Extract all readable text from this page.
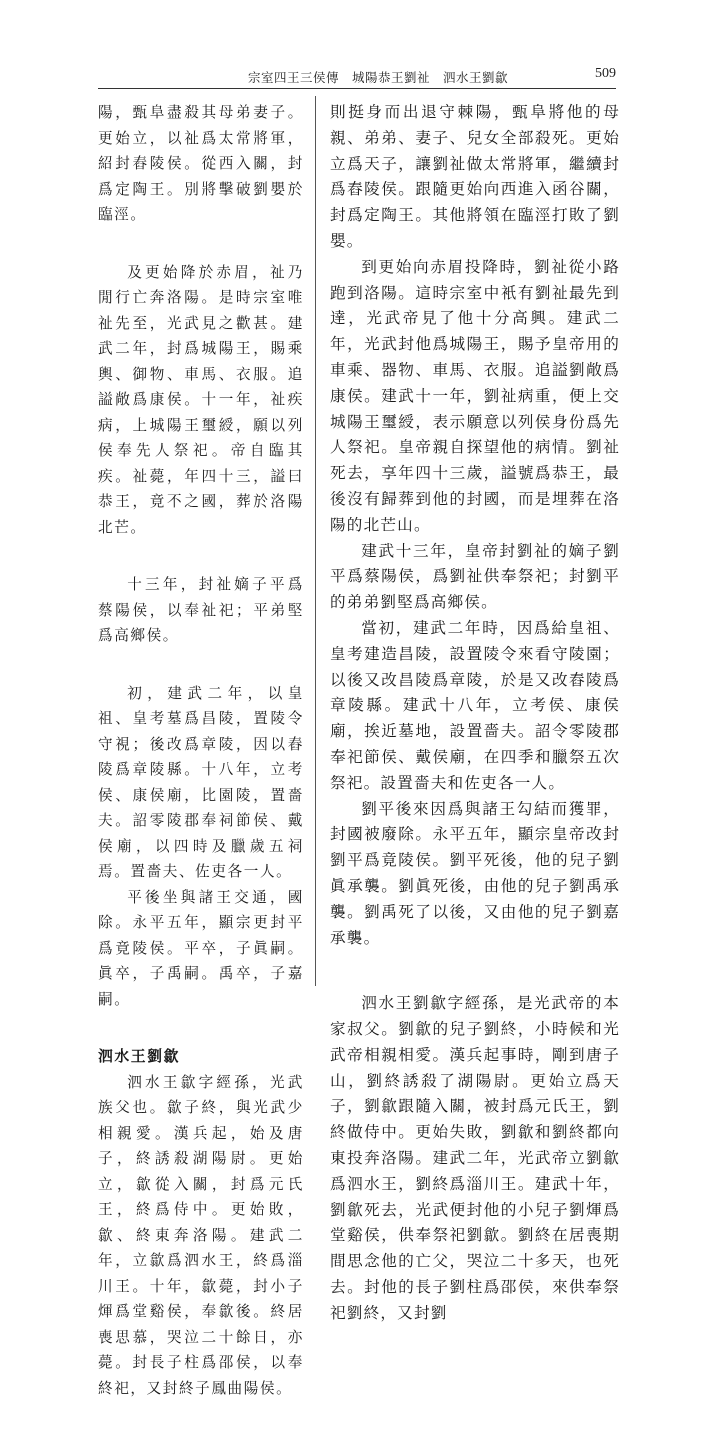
宗室四王三侯傳　城陽恭王劉祉　泗水王劉歙	509

陽，甄阜盡殺其母弟妻子。更始立，以祉爲太常將軍，紹封舂陵侯。從西入關，封爲定陶王。別將擊破劉嬰於臨涇。

及更始降於赤眉，祉乃閒行亡奔洛陽。是時宗室唯祉先至，光武見之歡甚。建武二年，封爲城陽王，賜乘輿、御物、車馬、衣服。追謚敞爲康侯。十一年，祉疾病，上城陽王璽綬，願以列侯奉先人祭祀。帝自臨其疾。祉薨，年四十三，謚曰恭王，竟不之國，葬於洛陽北芒。

十三年，封祉嫡子平爲蔡陽侯，以奉祉祀；平弟堅爲高鄉侯。

初，建武二年，以皇祖、皇考墓爲昌陵，置陵令守視；後改爲章陵，因以舂陵爲章陵縣。十八年，立考侯、康侯廟，比園陵，置嗇夫。詔零陵郡奉祠節侯、戴侯廟，以四時及臘歲五祠焉。置嗇夫、佐吏各一人。

平後坐與諸王交通，國除。永平五年，顯宗更封平爲竟陵侯。平卒，子眞嗣。眞卒，子禹嗣。禹卒，子嘉嗣。

泗水王劉歙

泗水王歙字經孫，光武族父也。歙子終，與光武少相親愛。漢兵起，始及唐子，終誘殺湖陽尉。更始立，歙從入關，封爲元氏王，終爲侍中。更始敗，歙、終東奔洛陽。建武二年，立歙爲泗水王，終爲淄川王。十年，歙薨，封小子煇爲堂谿侯，奉歙後。終居喪思慕，哭泣二十餘日，亦薨。封長子柱爲邵侯，以奉終祀，又封終子鳳曲陽侯。

則挺身而出退守棘陽，甄阜將他的母親、弟弟、妻子、兒女全部殺死。更始立爲天子，讓劉祉做太常將軍，繼續封爲舂陵侯。跟隨更始向西進入函谷關，封爲定陶王。其他將領在臨涇打敗了劉嬰。

到更始向赤眉投降時，劉祉從小路跑到洛陽。這時宗室中衹有劉祉最先到達，光武帝見了他十分高興。建武二年，光武封他爲城陽王，賜予皇帝用的車乘、器物、車馬、衣服。追謚劉敞爲康侯。建武十一年，劉祉病重，便上交城陽王璽綬，表示願意以列侯身份爲先人祭祀。皇帝親自探望他的病情。劉祉死去，享年四十三歲，謚號爲恭王，最後沒有歸葬到他的封國，而是埋葬在洛陽的北芒山。

建武十三年，皇帝封劉祉的嫡子劉平爲蔡陽侯，爲劉祉供奉祭祀；封劉平的弟弟劉堅爲高鄉侯。

當初，建武二年時，因爲給皇祖、皇考建造昌陵，設置陵令來看守陵園；以後又改昌陵爲章陵，於是又改舂陵爲章陵縣。建武十八年，立考侯、康侯廟，挨近墓地，設置嗇夫。詔令零陵郡奉祀節侯、戴侯廟，在四季和臘祭五次祭祀。設置嗇夫和佐吏各一人。

劉平後來因爲與諸王勾結而獲罪，封國被廢除。永平五年，顯宗皇帝改封劉平爲竟陵侯。劉平死後，他的兒子劉眞承襲。劉眞死後，由他的兒子劉禹承襲。劉禹死了以後，又由他的兒子劉嘉承襲。

泗水王劉歙字經孫，是光武帝的本家叔父。劉歙的兒子劉終，小時候和光武帝相親相愛。漢兵起事時，剛到唐子山，劉終誘殺了湖陽尉。更始立爲天子，劉歙跟隨入關，被封爲元氏王，劉終做侍中。更始失敗，劉歙和劉終都向東投奔洛陽。建武二年，光武帝立劉歙爲泗水王，劉終爲淄川王。建武十年，劉歙死去，光武便封他的小兒子劉煇爲堂谿侯，供奉祭祀劉歙。劉終在居喪期間思念他的亡父，哭泣二十多天，也死去。封他的長子劉柱爲邵侯，來供奉祭祀劉終，又封劉
